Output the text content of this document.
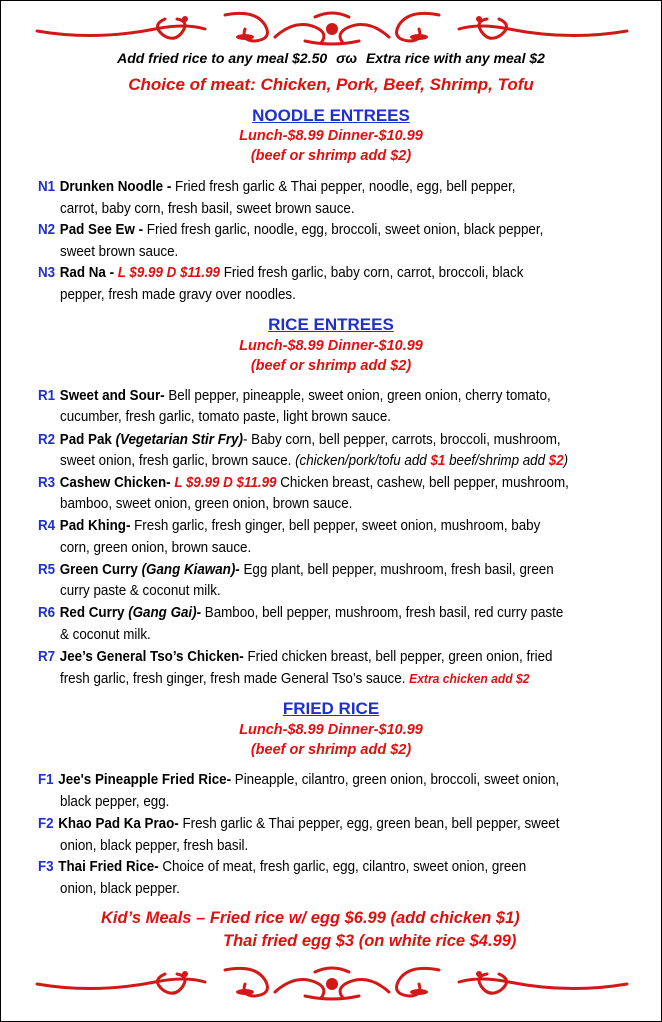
Add fried rice to any meal $2.50 σω Extra rice with any meal $2
Choice of meat: Chicken, Pork, Beef, Shrimp, Tofu
NOODLE ENTREES
Lunch-$8.99 Dinner-$10.99
(beef or shrimp add $2)
N1 Drunken Noodle - Fried fresh garlic & Thai pepper, noodle, egg, bell pepper,
carrot, baby corn, fresh basil, sweet brown sauce.
N2 Pad See Ew - Fried fresh garlic, noodle, egg, broccoli, sweet onion, black pepper,
sweet brown sauce.
N3 Rad Na - L $9.99 D $11.99 Fried fresh garlic, baby corn, carrot, broccoli, black
pepper, fresh made gravy over noodles.
RICE ENTREES
Lunch-$8.99 Dinner-$10.99
(beef or shrimp add $2)
R1 Sweet and Sour- Bell pepper, pineapple, sweet onion, green onion, cherry tomato,
cucumber, fresh garlic, tomato paste, light brown sauce.
R2 Pad Pak (Vegetarian Stir Fry)- Baby corn, bell pepper, carrots, broccoli, mushroom,
sweet onion, fresh garlic, brown sauce. (chicken/pork/tofu add $1 beef/shrimp add $2)
R3 Cashew Chicken- L $9.99 D $11.99 Chicken breast, cashew, bell pepper, mushroom,
bamboo, sweet onion, green onion, brown sauce.
R4 Pad Khing- Fresh garlic, fresh ginger, bell pepper, sweet onion, mushroom, baby
corn, green onion, brown sauce.
R5 Green Curry (Gang Kiawan)- Egg plant, bell pepper, mushroom, fresh basil, green
curry paste & coconut milk.
R6 Red Curry (Gang Gai)- Bamboo, bell pepper, mushroom, fresh basil, red curry paste
& coconut milk.
R7 Jee’s General Tso’s Chicken- Fried chicken breast, bell pepper, green onion, fried
fresh garlic, fresh ginger, fresh made General Tso’s sauce. Extra chicken add $2
FRIED RICE
Lunch-$8.99 Dinner-$10.99
(beef or shrimp add $2)
F1 Jee's Pineapple Fried Rice- Pineapple, cilantro, green onion, broccoli, sweet onion,
black pepper, egg.
F2 Khao Pad Ka Prao- Fresh garlic & Thai pepper, egg, green bean, bell pepper, sweet
onion, black pepper, fresh basil.
F3 Thai Fried Rice- Choice of meat, fresh garlic, egg, cilantro, sweet onion, green
onion, black pepper.
Kid’s Meals – Fried rice w/ egg $6.99 (add chicken $1)
Thai fried egg $3 (on white rice $4.99)
